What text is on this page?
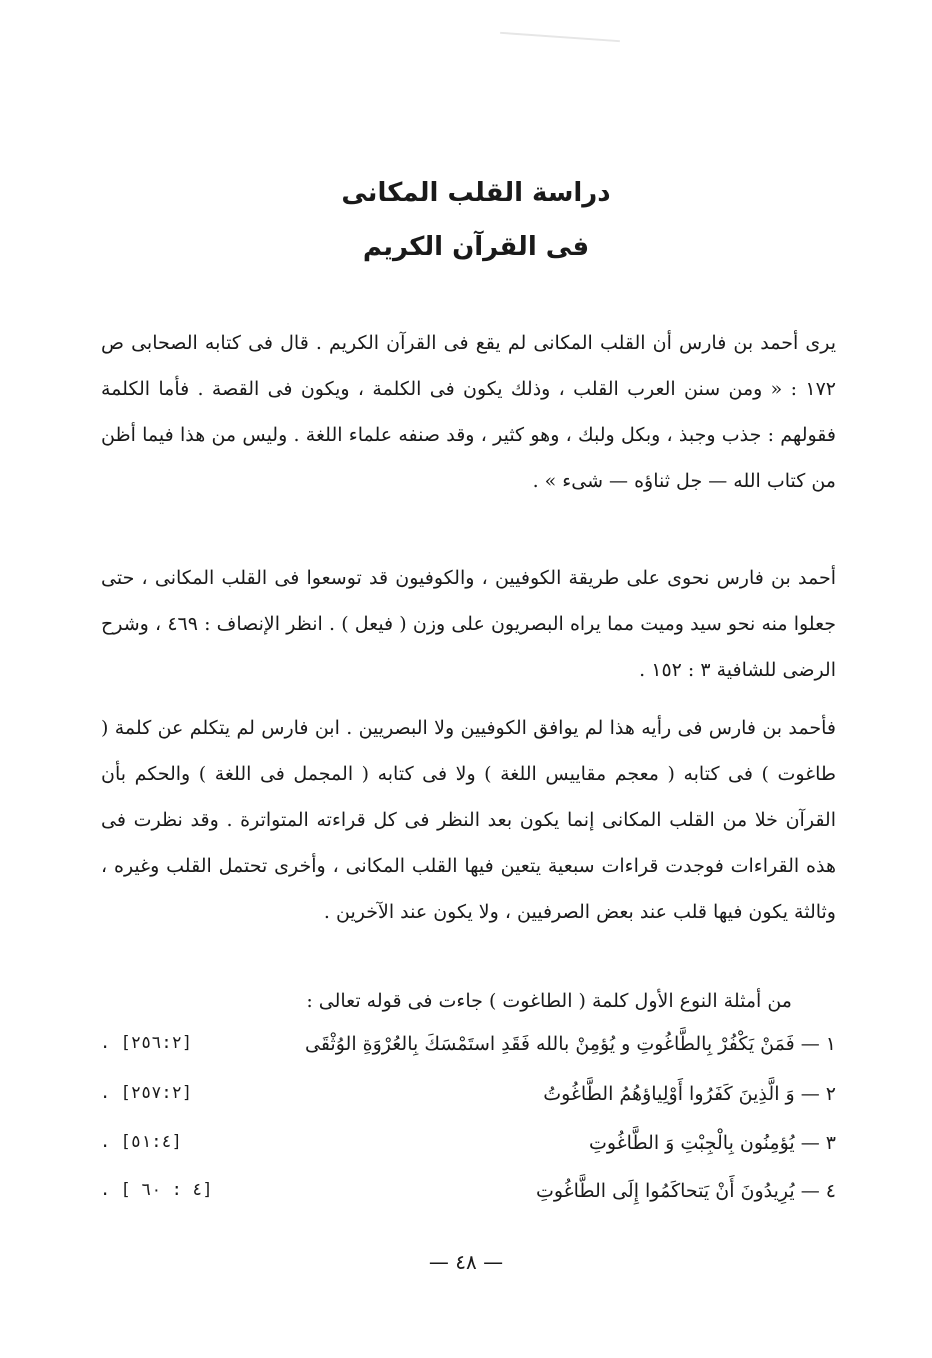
دراسة القلب المكانى
فى القرآن الكريم

يرى أحمد بن فارس أن القلب المكانى لم يقع فى القرآن الكريم . قال فى كتابه الصحابى ص ١٧٢ : « ومن سنن العرب القلب ، وذلك يكون فى الكلمة ، ويكون فى القصة . فأما الكلمة فقولهم : جذب وجبذ ، وبكل ولبك ، وهو كثير ، وقد صنفه علماء اللغة . وليس من هذا فيما أظن من كتاب الله — جل ثناؤه — شىء » .

أحمد بن فارس نحوى على طريقة الكوفيين ، والكوفيون قد توسعوا فى القلب المكانى ، حتى جعلوا منه نحو سيد وميت مما يراه البصريون على وزن ( فيعل ) . انظر الإنصاف : ٤٦٩ ، وشرح الرضى للشافية ٣ : ١٥٢ .

فأحمد بن فارس فى رأيه هذا لم يوافق الكوفيين ولا البصريين . ابن فارس لم يتكلم عن كلمة ( طاغوت ) فى كتابه ( معجم مقاييس اللغة ) ولا فى كتابه ( المجمل فى اللغة ) والحكم بأن القرآن خلا من القلب المكانى إنما يكون بعد النظر فى كل قراءته المتواترة . وقد نظرت فى هذه القراءات فوجدت قراءات سبعية يتعين فيها القلب المكانى ، وأخرى تحتمل القلب وغيره ، وثالثة يكون فيها قلب عند بعض الصرفيين ، ولا يكون عند الآخرين .

من أمثلة النوع الأول كلمة ( الطاغوت ) جاءت فى قوله تعالى :
١ — فَمَنْ يَكْفُرْ بِالطَّاغُوتِ و يُؤمِنْ بالله فَقَدِ استَمْسَكَ بِالعُرْوَةِ الوُثْقَى
[٢٥٦:٢] .
٢ — وَ الَّذِينَ كَفَرُوا أَوْلِياؤهُمُ الطَّاغُوتُ
[٢٥٧:٢] .
٣ — يُؤمِنُون بِالْجِبْتِ وَ الطَّاغُوتِ
[٥١:٤] .
٤ — يُرِيدُونَ أَنْ يَتحاكَمُوا إِلَى الطَّاغُوتِ
[٤ : ٦٠ ] .
— ٤٨ —
